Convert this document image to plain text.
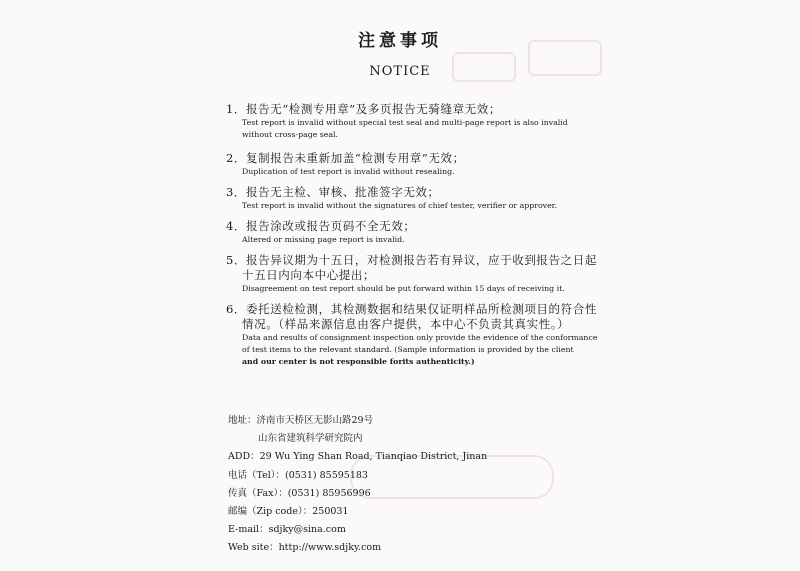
注意事项
NOTICE
1．报告无“检测专用章”及多页报告无骑缝章无效；
Test report is invalid without special test seal and multi-page report is also invalid
without cross-page seal.
2．复制报告未重新加盖“检测专用章”无效；
Duplication of test report is invalid without resealing.
3．报告无主检、审核、批准签字无效；
Test report is invalid without the signatures of chief tester, verifier or approver.
4．报告涂改或报告页码不全无效；
Altered or missing page report is invalid.
5．报告异议期为十五日，对检测报告若有异议，应于收到报告之日起
十五日内向本中心提出；
Disagreement on test report should be put forward within 15 days of receiving it.
6．委托送检检测，其检测数据和结果仅证明样品所检测项目的符合性
情况。（样品来源信息由客户提供，本中心不负责其真实性。）
Data and results of consignment inspection only provide the evidence of the conformance
of test items to the relevant standard. (Sample information is provided by the client
and our center is not responsible forits authenticity.)
地址：济南市天桥区无影山路29号
山东省建筑科学研究院内
ADD：29 Wu Ying Shan Road, Tianqiao District, Jinan
电话（Tel）：(0531) 85595183
传真（Fax）：(0531) 85956996
邮编（Zip code）：250031
E-mail：sdjky@sina.com
Web site：http://www.sdjky.com
